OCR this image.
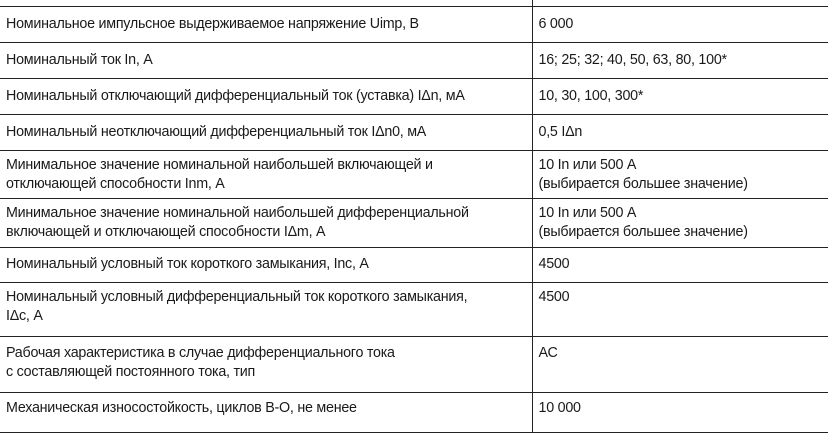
Номинальное импульсное выдерживаемое напряжение Uimp, В	6 000
Номинальный ток In, А	16; 25; 32; 40, 50, 63, 80, 100*
Номинальный отключающий дифференциальный ток (уставка) IΔn, мА	10, 30, 100, 300*
Номинальный неотключающий дифференциальный ток IΔn0, мА	0,5 IΔn

Минимальное значение номинальной наибольшей включающей и
отключающей способности Inm, А	10 In или 500 А
(выбирается большее значение)

Минимальное значение номинальной наибольшей дифференциальной
включающей и отключающей способности IΔm, А	10 In или 500 А
(выбирается большее значение)

Номинальный условный ток короткого замыкания, Inc, А	4500

Номинальный условный дифференциальный ток короткого замыкания,
IΔc, А	4500

Рабочая характеристика в случае дифференциального тока
с составляющей постоянного тока, тип	АС
Механическая износостойкость, циклов В-О, не менее	10 000
